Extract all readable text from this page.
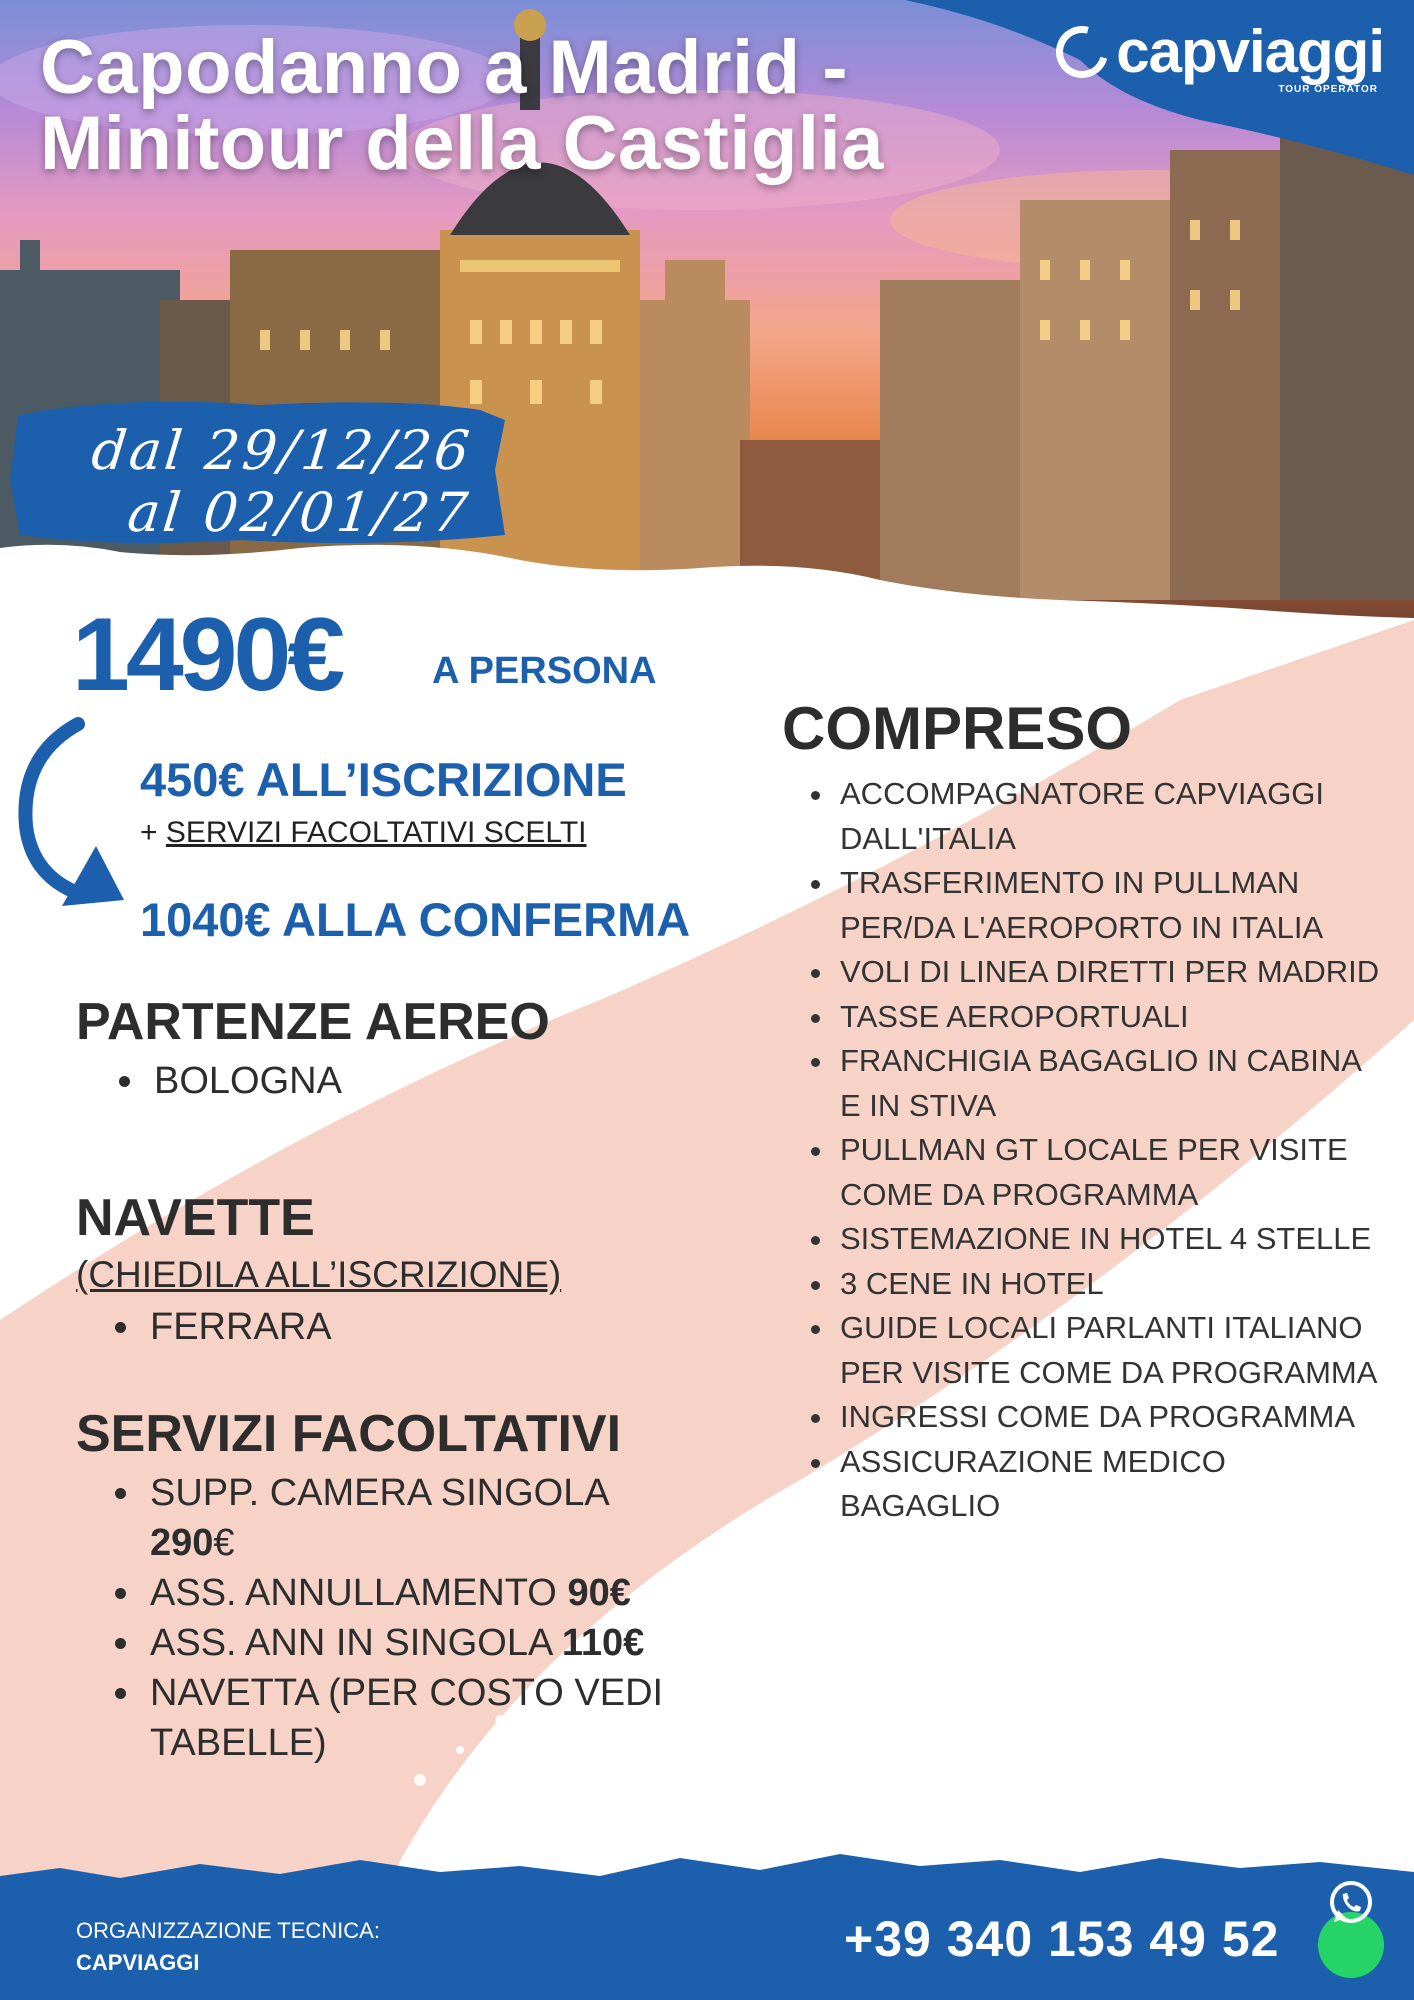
Capodanno a Madrid -
Minitour della Castiglia
capviaggi
TOUR OPERATOR
dal 29/12/26
al 02/01/27
1490€ A PERSONA
450€ ALL’ISCRIZIONE
+ SERVIZI FACOLTATIVI SCELTI
1040€ ALLA CONFERMA
PARTENZE AEREO
• BOLOGNA
NAVETTE
(CHIEDILA ALL’ISCRIZIONE)
• FERRARA
SERVIZI FACOLTATIVI
• SUPP. CAMERA SINGOLA
290€
• ASS. ANNULLAMENTO 90€
• ASS. ANN IN SINGOLA 110€
• NAVETTA (PER COSTO VEDI TABELLE)
COMPRESO
• ACCOMPAGNATORE CAPVIAGGI DALL'ITALIA
• TRASFERIMENTO IN PULLMAN PER/DA L'AEROPORTO IN ITALIA
• VOLI DI LINEA DIRETTI PER MADRID
• TASSE AEROPORTUALI
• FRANCHIGIA BAGAGLIO IN CABINA E IN STIVA
• PULLMAN GT LOCALE PER VISITE COME DA PROGRAMMA
• SISTEMAZIONE IN HOTEL 4 STELLE
• 3 CENE IN HOTEL
• GUIDE LOCALI PARLANTI ITALIANO PER VISITE COME DA PROGRAMMA
• INGRESSI COME DA PROGRAMMA
• ASSICURAZIONE MEDICO BAGAGLIO
ORGANIZZAZIONE TECNICA:
CAPVIAGGI	+39 340 153 49 52
